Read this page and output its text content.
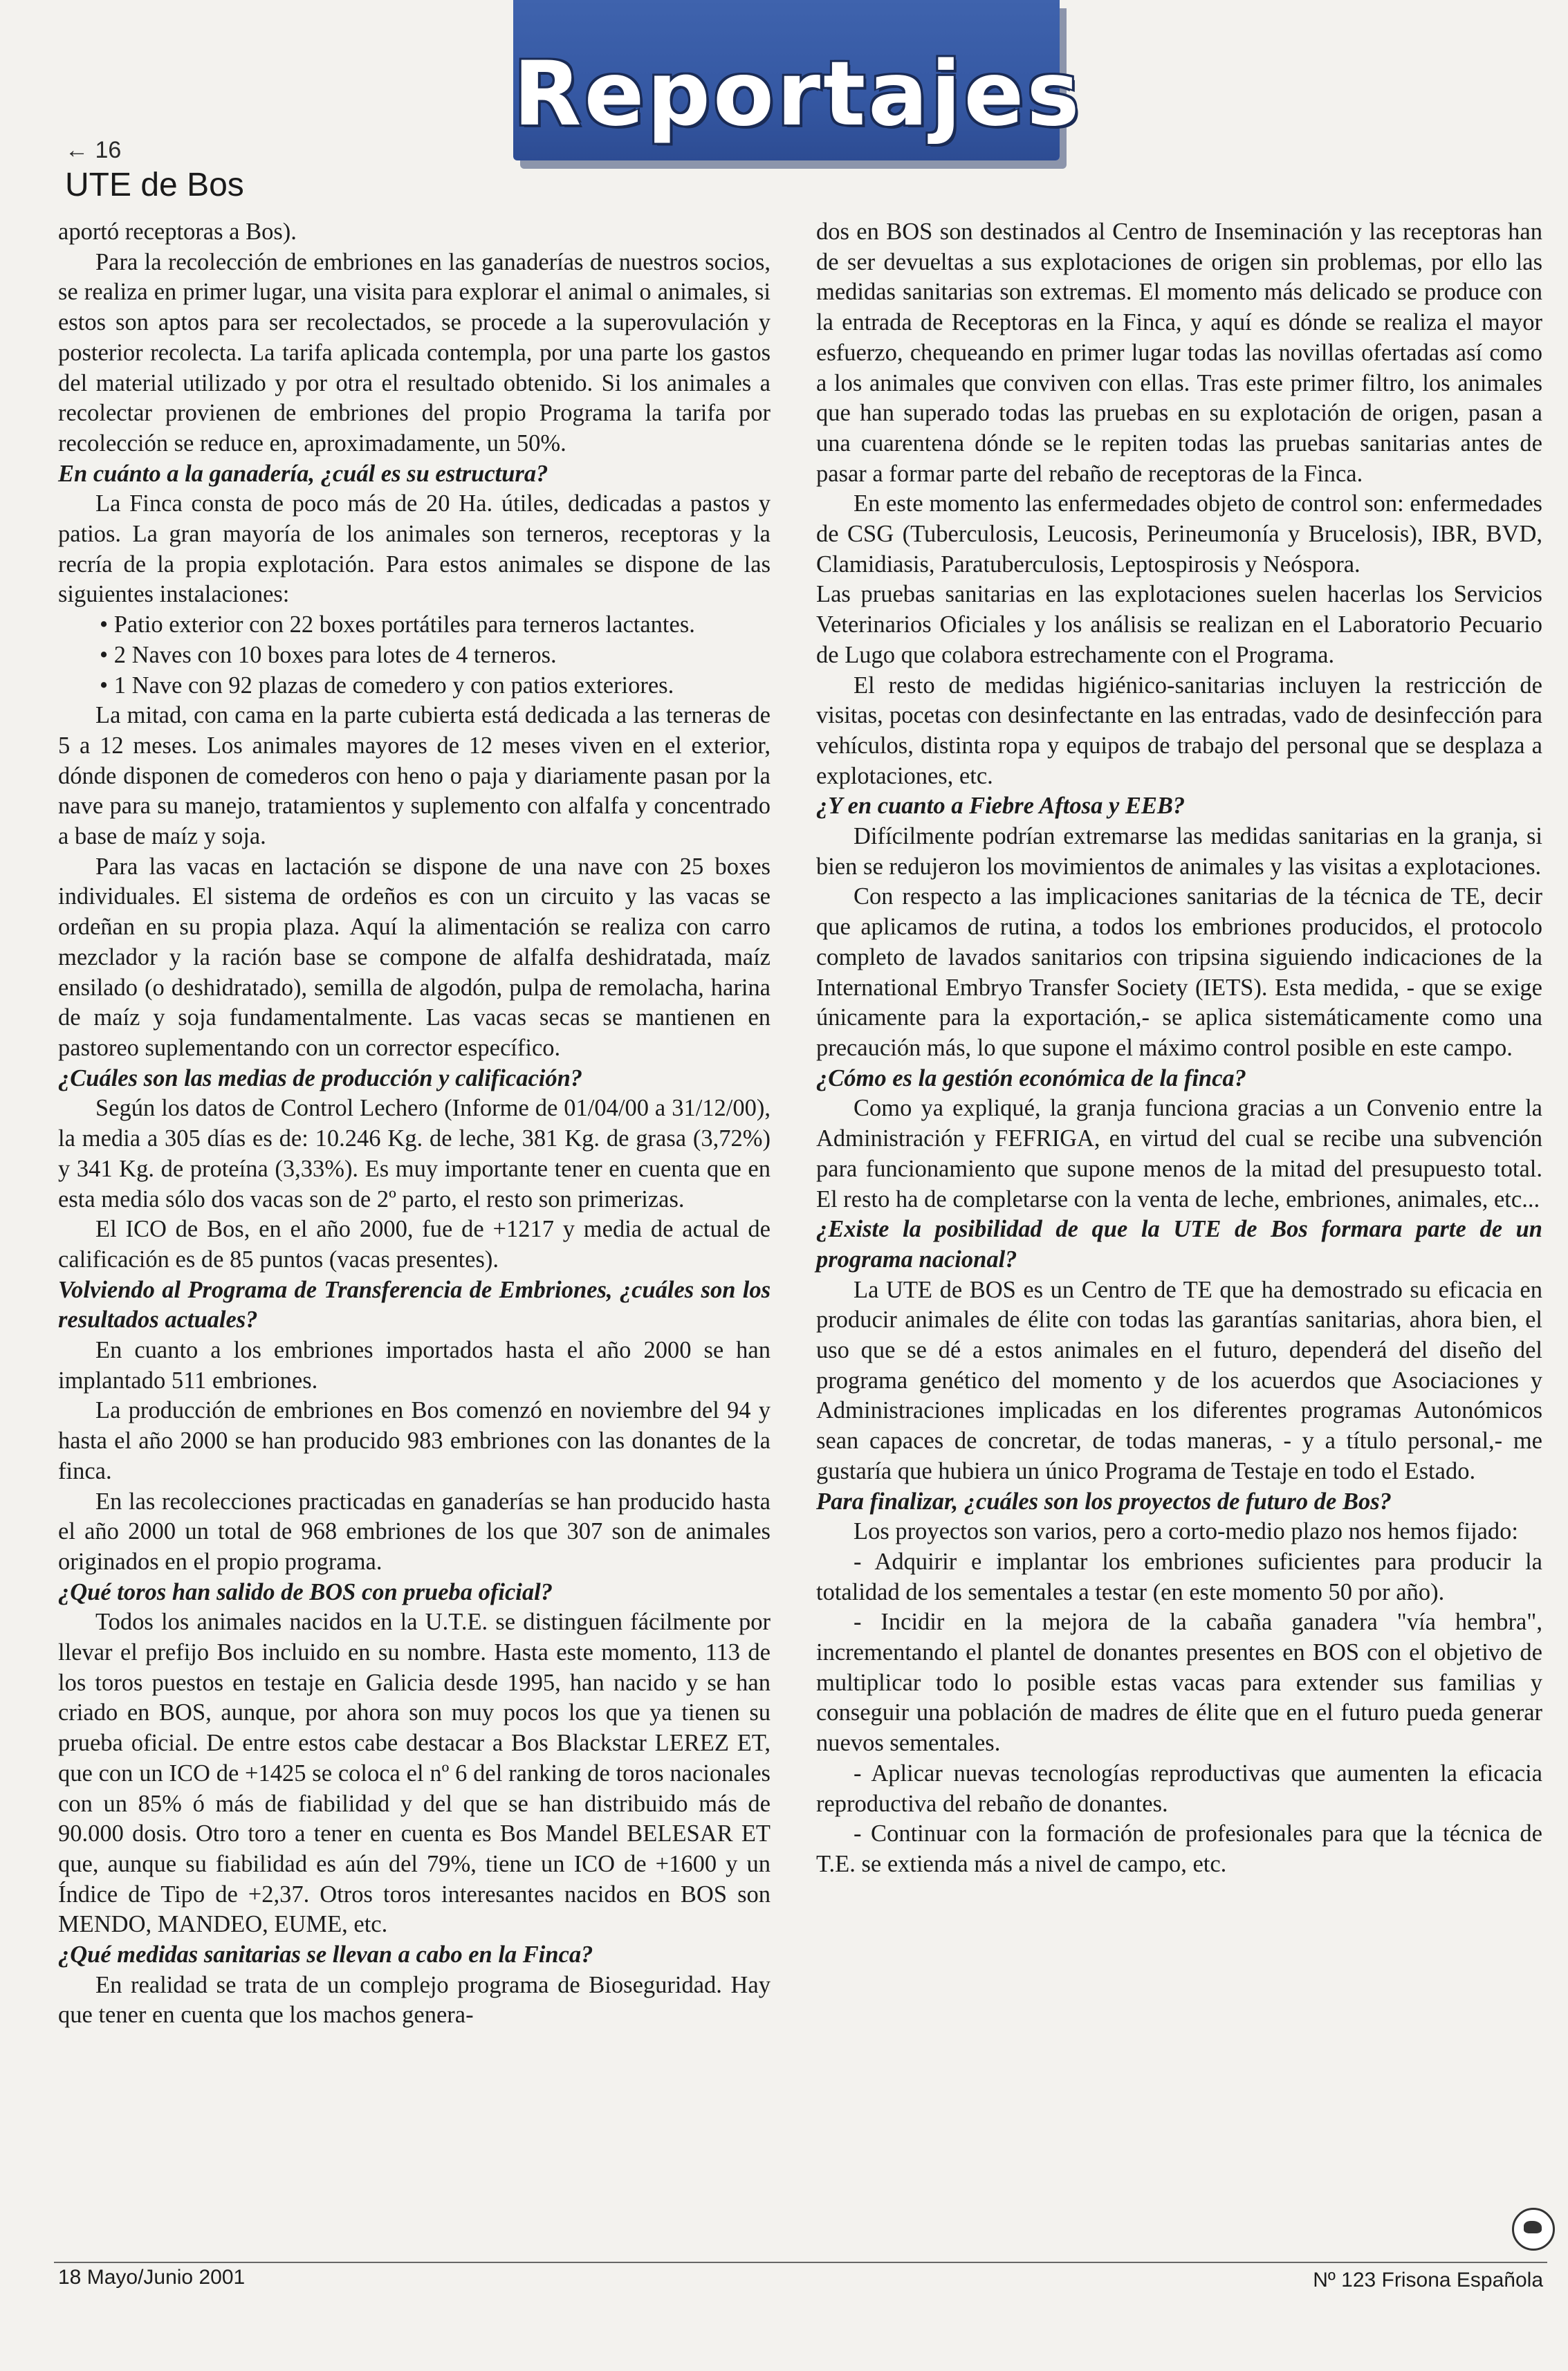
Reportajes
← 16
UTE de Bos

aportó receptoras a Bos).

Para la recolección de embriones en las ganaderías de nuestros socios, se realiza en primer lugar, una visita para explorar el animal o animales, si estos son aptos para ser recolectados, se procede a la superovulación y posterior recolecta. La tarifa aplicada contempla, por una parte los gastos del material utilizado y por otra el resultado obtenido. Si los animales a recolectar provienen de embriones del propio Programa la tarifa por recolección se reduce en, aproximadamente, un 50%.

En cuánto a la ganadería, ¿cuál es su estructura?

La Finca consta de poco más de 20 Ha. útiles, dedicadas a pastos y patios. La gran mayoría de los animales son terneros, receptoras y la recría de la propia explotación. Para estos animales se dispone de las siguientes instalaciones:

• Patio exterior con 22 boxes portátiles para terneros lactantes.

• 2 Naves con 10 boxes para lotes de 4 terneros.

• 1 Nave con 92 plazas de comedero y con patios exteriores.

La mitad, con cama en la parte cubierta está dedicada a las terneras de 5 a 12 meses. Los animales mayores de 12 meses viven en el exterior, dónde disponen de comederos con heno o paja y diariamente pasan por la nave para su manejo, tratamientos y suplemento con alfalfa y concentrado a base de maíz y soja.

Para las vacas en lactación se dispone de una nave con 25 boxes individuales. El sistema de ordeños es con un circuito y las vacas se ordeñan en su propia plaza. Aquí la alimentación se realiza con carro mezclador y la ración base se compone de alfalfa deshidratada, maíz ensilado (o deshidratado), semilla de algodón, pulpa de remolacha, harina de maíz y soja fundamentalmente. Las vacas secas se mantienen en pastoreo suplementando con un corrector específico.

¿Cuáles son las medias de producción y calificación?

Según los datos de Control Lechero (Informe de 01/04/00 a 31/12/00), la media a 305 días es de: 10.246 Kg. de leche, 381 Kg. de grasa (3,72%) y 341 Kg. de proteína (3,33%). Es muy importante tener en cuenta que en esta media sólo dos vacas son de 2º parto, el resto son primerizas.

El ICO de Bos, en el año 2000, fue de +1217 y media de actual de calificación es de 85 puntos (vacas presentes).

Volviendo al Programa de Transferencia de Embriones, ¿cuáles son los resultados actuales?

En cuanto a los embriones importados hasta el año 2000 se han implantado 511 embriones.

La producción de embriones en Bos comenzó en noviembre del 94 y hasta el año 2000 se han producido 983 embriones con las donantes de la finca.

En las recolecciones practicadas en ganaderías se han producido hasta el año 2000 un total de 968 embriones de los que 307 son de animales originados en el propio programa.

¿Qué toros han salido de BOS con prueba oficial?

Todos los animales nacidos en la U.T.E. se distinguen fácilmente por llevar el prefijo Bos incluido en su nombre. Hasta este momento, 113 de los toros puestos en testaje en Galicia desde 1995, han nacido y se han criado en BOS, aunque, por ahora son muy pocos los que ya tienen su prueba oficial. De entre estos cabe destacar a Bos Blackstar LEREZ ET, que con un ICO de +1425 se coloca el nº 6 del ranking de toros nacionales con un 85% ó más de fiabilidad y del que se han distribuido más de 90.000 dosis. Otro toro a tener en cuenta es Bos Mandel BELESAR ET que, aunque su fiabilidad es aún del 79%, tiene un ICO de +1600 y un Índice de Tipo de +2,37. Otros toros interesantes nacidos en BOS son MENDO, MANDEO, EUME, etc.

¿Qué medidas sanitarias se llevan a cabo en la Finca?

En realidad se trata de un complejo programa de Bioseguridad. Hay que tener en cuenta que los machos genera-

dos en BOS son destinados al Centro de Inseminación y las receptoras han de ser devueltas a sus explotaciones de origen sin problemas, por ello las medidas sanitarias son extremas. El momento más delicado se produce con la entrada de Receptoras en la Finca, y aquí es dónde se realiza el mayor esfuerzo, chequeando en primer lugar todas las novillas ofertadas así como a los animales que conviven con ellas. Tras este primer filtro, los animales que han superado todas las pruebas en su explotación de origen, pasan a una cuarentena dónde se le repiten todas las pruebas sanitarias antes de pasar a formar parte del rebaño de receptoras de la Finca.

En este momento las enfermedades objeto de control son: enfermedades de CSG (Tuberculosis, Leucosis, Perineumonía y Brucelosis), IBR, BVD, Clamidiasis, Paratuberculosis, Leptospirosis y Neóspora.

Las pruebas sanitarias en las explotaciones suelen hacerlas los Servicios Veterinarios Oficiales y los análisis se realizan en el Laboratorio Pecuario de Lugo que colabora estrechamente con el Programa.

El resto de medidas higiénico-sanitarias incluyen la restricción de visitas, pocetas con desinfectante en las entradas, vado de desinfección para vehículos, distinta ropa y equipos de trabajo del personal que se desplaza a explotaciones, etc.

¿Y en cuanto a Fiebre Aftosa y EEB?

Difícilmente podrían extremarse las medidas sanitarias en la granja, si bien se redujeron los movimientos de animales y las visitas a explotaciones.

Con respecto a las implicaciones sanitarias de la técnica de TE, decir que aplicamos de rutina, a todos los embriones producidos, el protocolo completo de lavados sanitarios con tripsina siguiendo indicaciones de la International Embryo Transfer Society (IETS). Esta medida, - que se exige únicamente para la exportación,- se aplica sistemáticamente como una precaución más, lo que supone el máximo control posible en este campo.

¿Cómo es la gestión económica de la finca?

Como ya expliqué, la granja funciona gracias a un Convenio entre la Administración y FEFRIGA, en virtud del cual se recibe una subvención para funcionamiento que supone menos de la mitad del presupuesto total. El resto ha de completarse con la venta de leche, embriones, animales, etc...

¿Existe la posibilidad de que la UTE de Bos formara parte de un programa nacional?

La UTE de BOS es un Centro de TE que ha demostrado su eficacia en producir animales de élite con todas las garantías sanitarias, ahora bien, el uso que se dé a estos animales en el futuro, dependerá del diseño del programa genético del momento y de los acuerdos que Asociaciones y Administraciones implicadas en los diferentes programas Autonómicos sean capaces de concretar, de todas maneras, - y a título personal,- me gustaría que hubiera un único Programa de Testaje en todo el Estado.

Para finalizar, ¿cuáles son los proyectos de futuro de Bos?

Los proyectos son varios, pero a corto-medio plazo nos hemos fijado:

- Adquirir e implantar los embriones suficientes para producir la totalidad de los sementales a testar (en este momento 50 por año).

- Incidir en la mejora de la cabaña ganadera "vía hembra", incrementando el plantel de donantes presentes en BOS con el objetivo de multiplicar todo lo posible estas vacas para extender sus familias y conseguir una población de madres de élite que en el futuro pueda generar nuevos sementales.

- Aplicar nuevas tecnologías reproductivas que aumenten la eficacia reproductiva del rebaño de donantes.

- Continuar con la formación de profesionales para que la técnica de T.E. se extienda más a nivel de campo, etc.

18 Mayo/Junio 2001	Nº 123 Frisona Española
